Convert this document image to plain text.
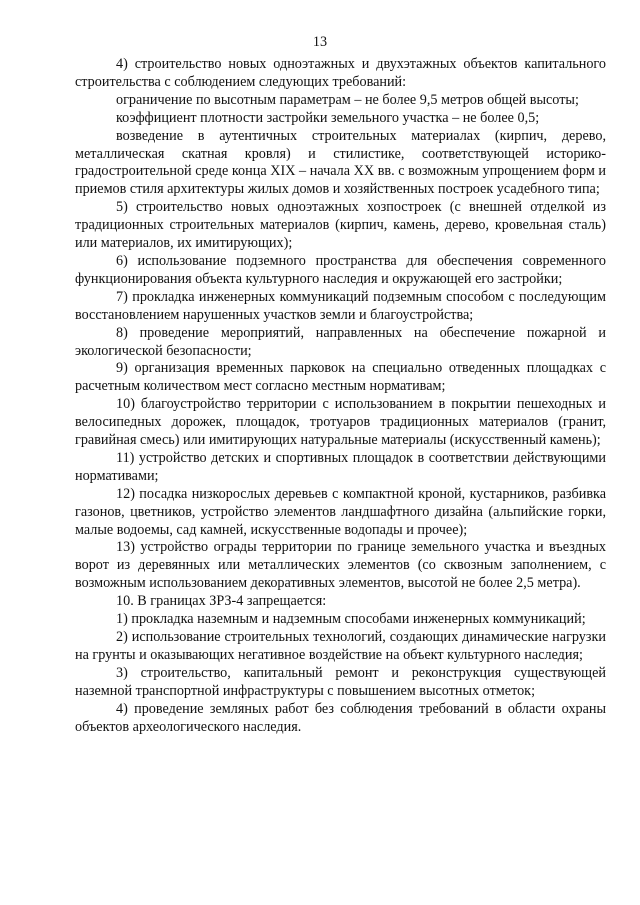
13

4) строительство новых одноэтажных и двухэтажных объектов капитального строительства с соблюдением следующих требований:

ограничение по высотным параметрам – не более 9,5 метров общей высоты;

коэффициент плотности застройки земельного участка – не более 0,5;

возведение в аутентичных строительных материалах (кирпич, дерево, металлическая скатная кровля) и стилистике, соответствующей историко-градостроительной среде конца XIX – начала XX вв. с возможным упрощением форм и приемов стиля архитектуры жилых домов и хозяйственных построек усадебного типа;

5) строительство новых одноэтажных хозпостроек (с внешней отделкой из традиционных строительных материалов (кирпич, камень, дерево, кровельная сталь) или материалов, их имитирующих);

6) использование подземного пространства для обеспечения современного функционирования объекта культурного наследия и окружающей его застройки;

7) прокладка инженерных коммуникаций подземным способом с последующим восстановлением нарушенных участков земли и благоустройства;

8) проведение мероприятий, направленных на обеспечение пожарной и экологической безопасности;

9) организация временных парковок на специально отведенных площадках с расчетным количеством мест согласно местным нормативам;

10) благоустройство территории с использованием в покрытии пешеходных и велосипедных дорожек, площадок, тротуаров традиционных материалов (гранит, гравийная смесь) или имитирующих натуральные материалы (искусственный камень);

11) устройство детских и спортивных площадок в соответствии действующими нормативами;

12) посадка низкорослых деревьев с компактной кроной, кустарников, разбивка газонов, цветников, устройство элементов ландшафтного дизайна (альпийские горки, малые водоемы, сад камней, искусственные водопады и прочее);

13) устройство ограды территории по границе земельного участка и въездных ворот из деревянных или металлических элементов (со сквозным заполнением, с возможным использованием декоративных элементов, высотой не более 2,5 метра).

10. В границах ЗРЗ-4 запрещается:

1) прокладка наземным и надземным способами инженерных коммуникаций;

2) использование строительных технологий, создающих динамические нагрузки на грунты и оказывающих негативное воздействие на объект культурного наследия;

3) строительство, капитальный ремонт и реконструкция существующей наземной транспортной инфраструктуры с повышением высотных отметок;

4) проведение земляных работ без соблюдения требований в области охраны объектов археологического наследия.
